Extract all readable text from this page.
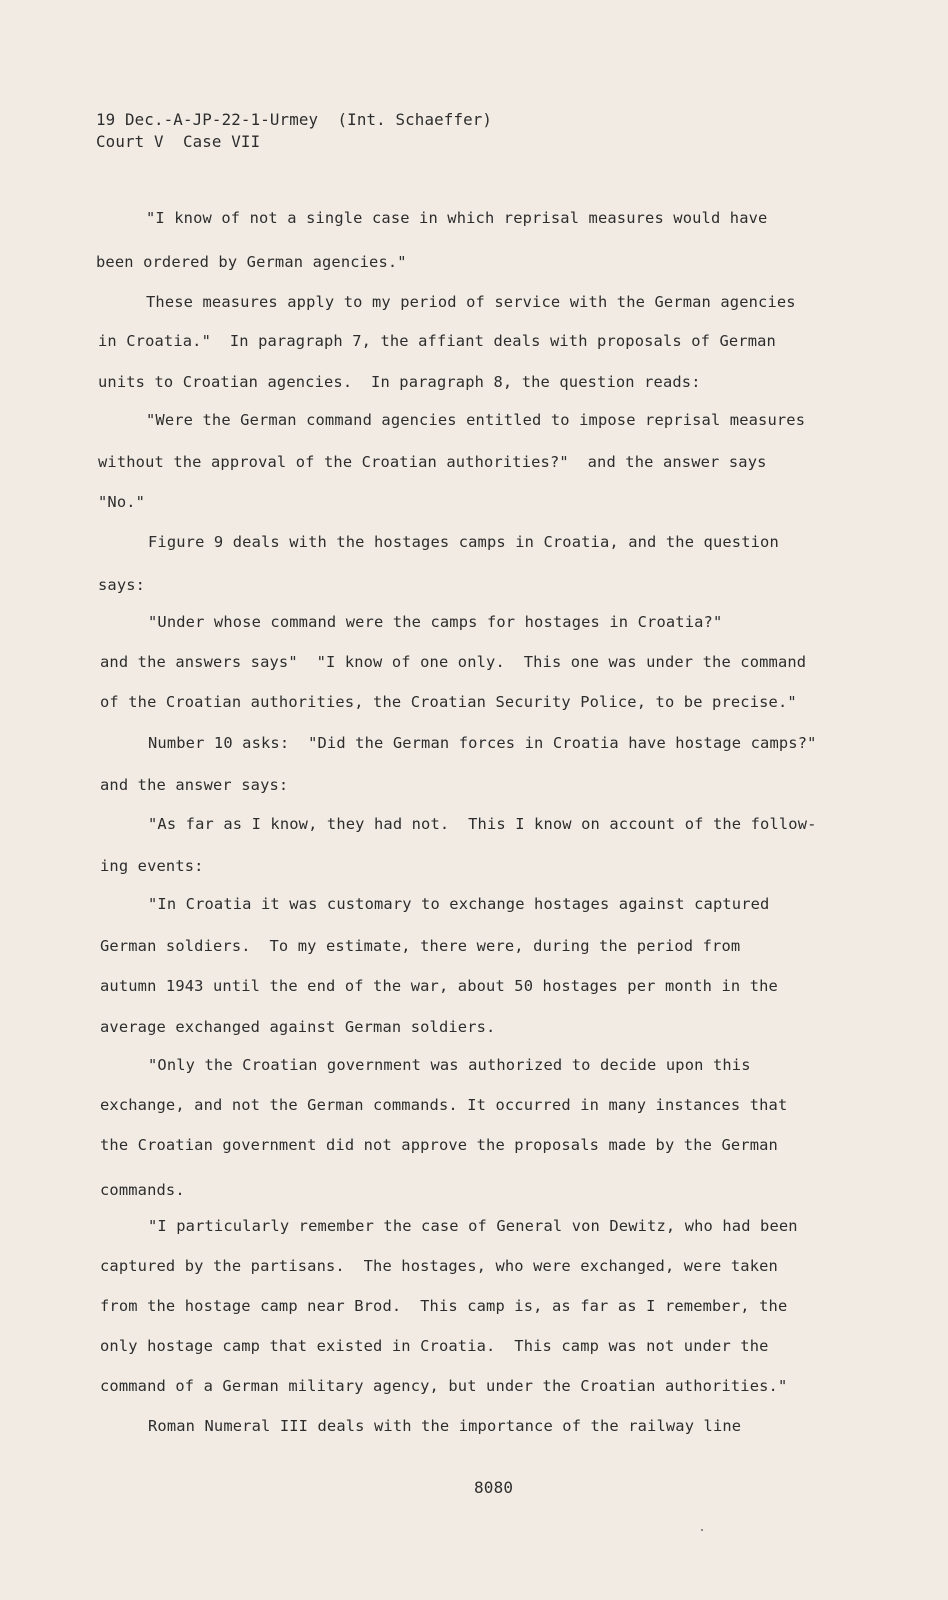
19 Dec.-A-JP-22-1-Urmey  (Int. Schaeffer)
Court V  Case VII
"I know of not a single case in which reprisal measures would have
been ordered by German agencies."
These measures apply to my period of service with the German agencies
in Croatia."  In paragraph 7, the affiant deals with proposals of German
units to Croatian agencies.  In paragraph 8, the question reads:
"Were the German command agencies entitled to impose reprisal measures
without the approval of the Croatian authorities?"  and the answer says
"No."
Figure 9 deals with the hostages camps in Croatia, and the question
says:
"Under whose command were the camps for hostages in Croatia?"
and the answers says"  "I know of one only.  This one was under the command
of the Croatian authorities, the Croatian Security Police, to be precise."
Number 10 asks:  "Did the German forces in Croatia have hostage camps?"
and the answer says:
"As far as I know, they had not.  This I know on account of the follow-
ing events:
"In Croatia it was customary to exchange hostages against captured
German soldiers.  To my estimate, there were, during the period from
autumn 1943 until the end of the war, about 50 hostages per month in the
average exchanged against German soldiers.
"Only the Croatian government was authorized to decide upon this
exchange, and not the German commands. It occurred in many instances that
the Croatian government did not approve the proposals made by the German
commands.
"I particularly remember the case of General von Dewitz, who had been
captured by the partisans.  The hostages, who were exchanged, were taken
from the hostage camp near Brod.  This camp is, as far as I remember, the
only hostage camp that existed in Croatia.  This camp was not under the
command of a German military agency, but under the Croatian authorities."
Roman Numeral III deals with the importance of the railway line
8080
